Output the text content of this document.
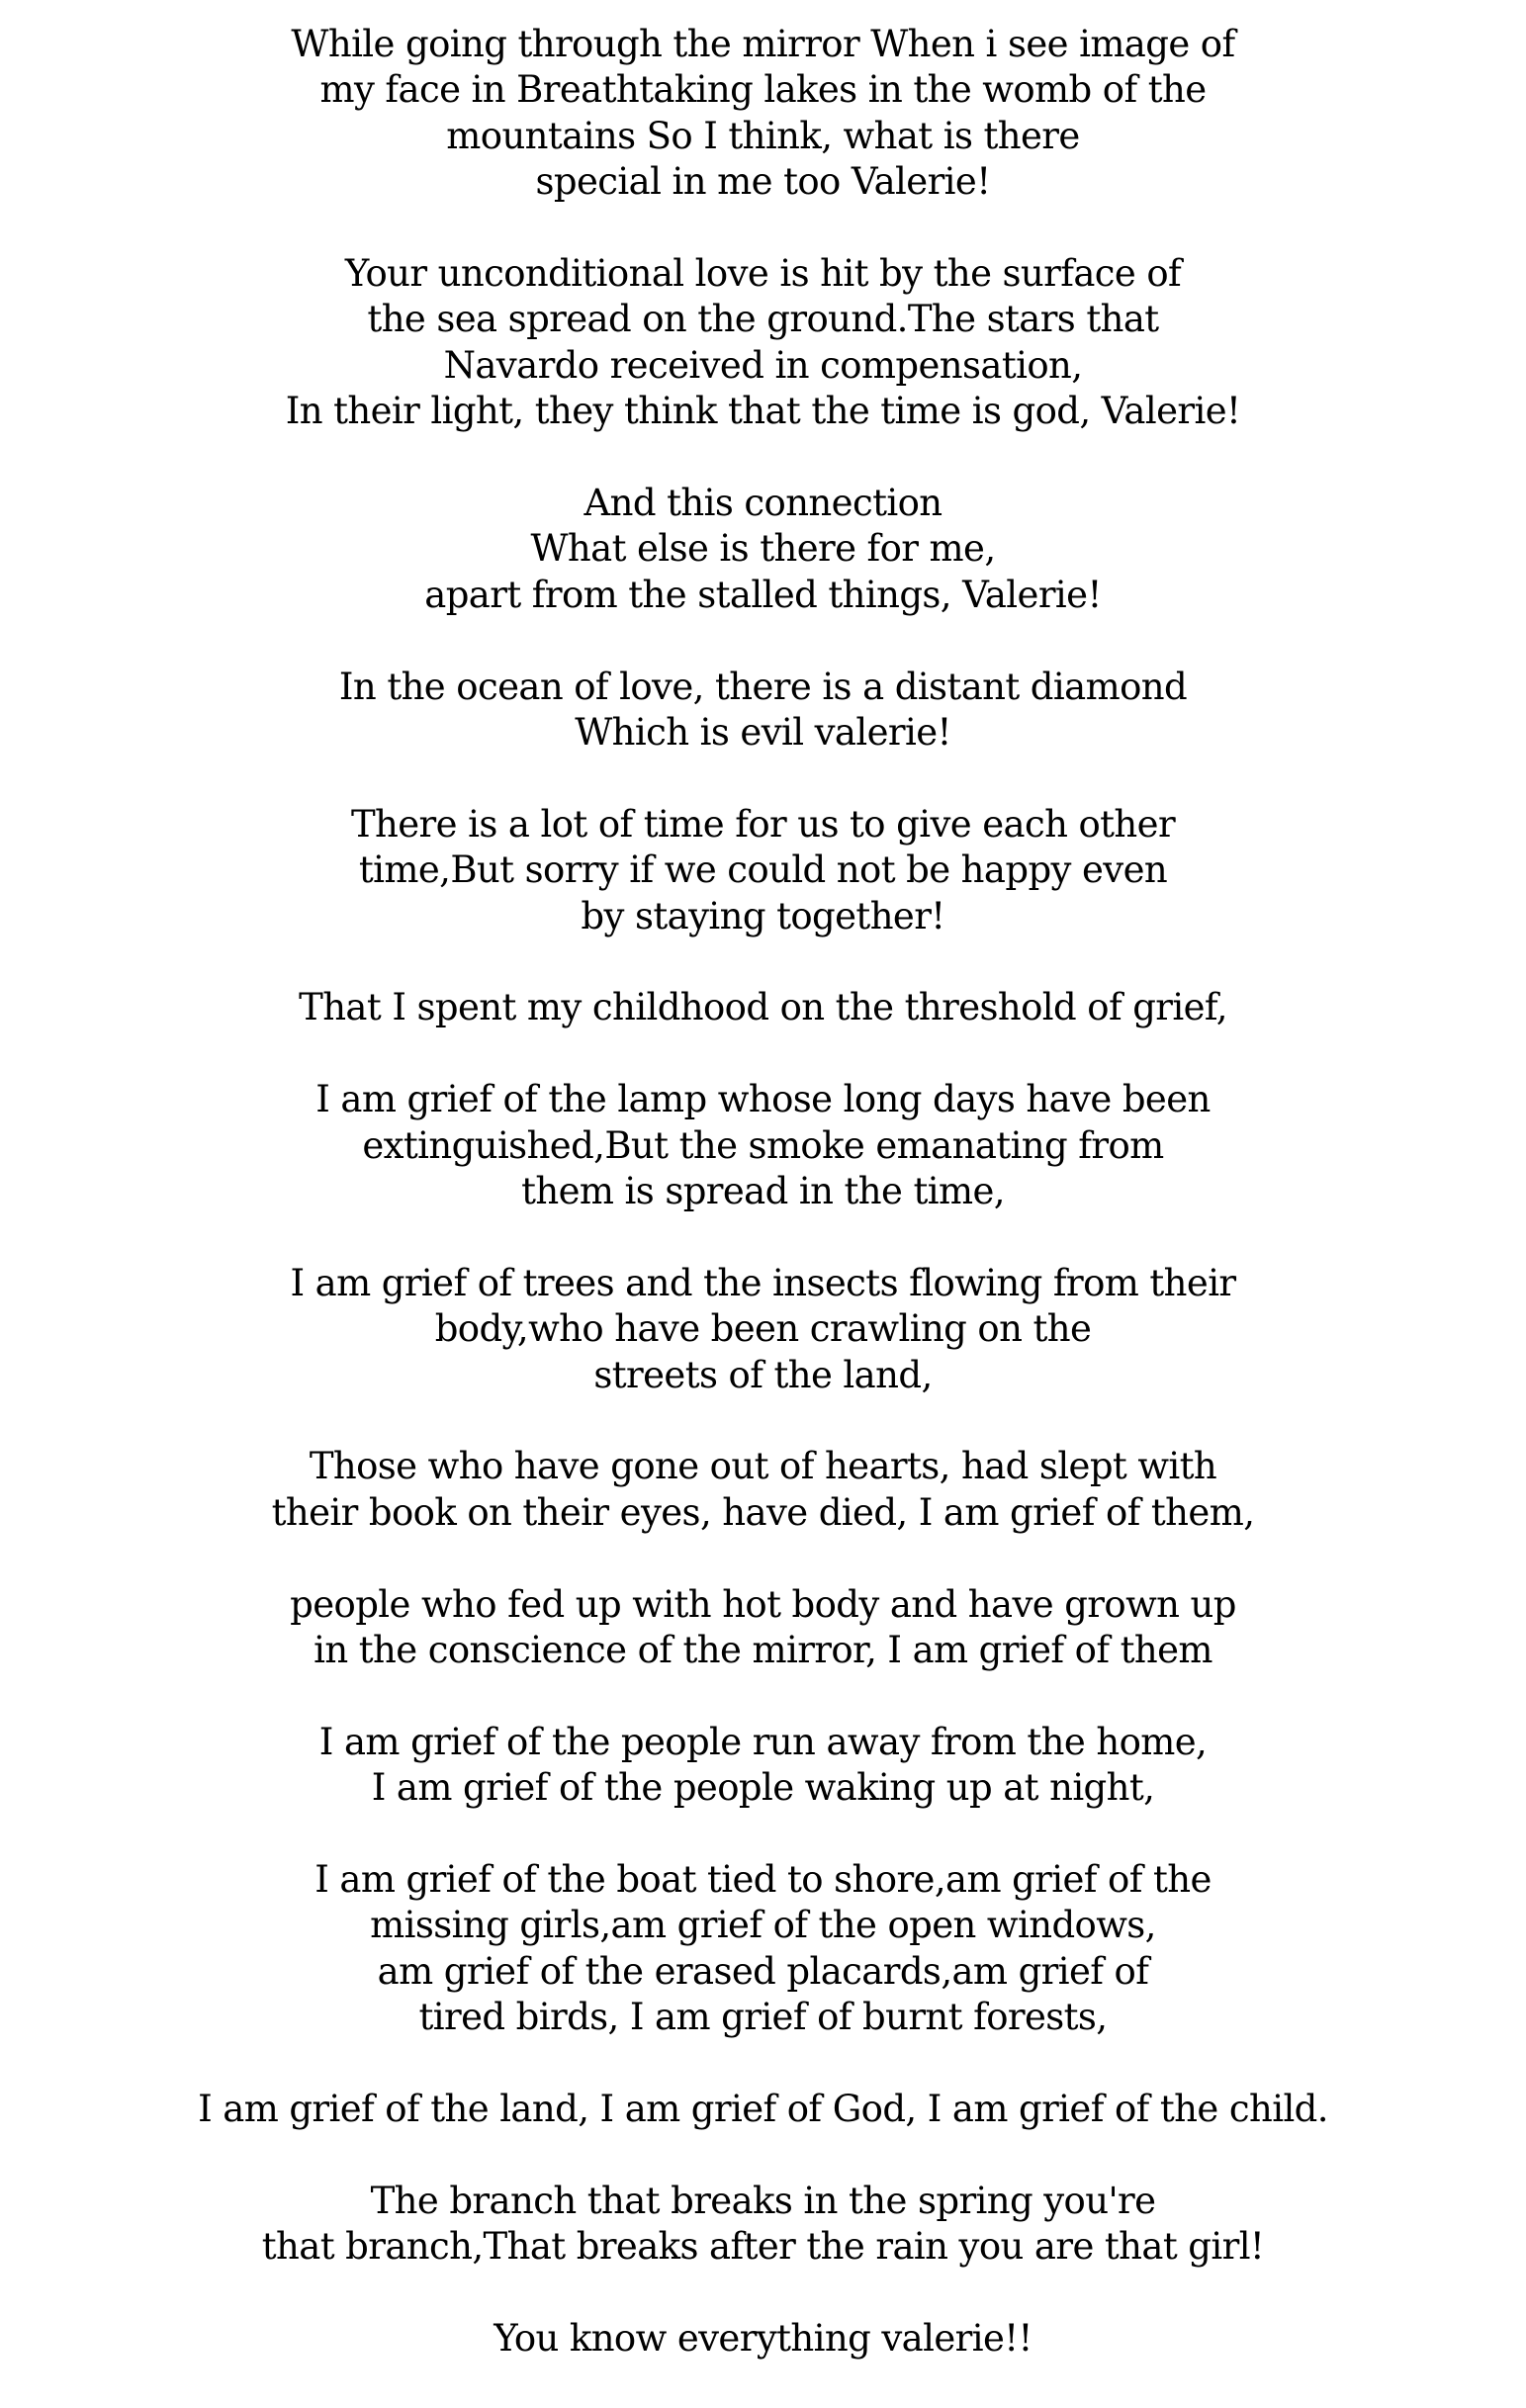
While going through the mirror When i see image of
my face in Breathtaking lakes in the womb of the
mountains So I think, what is there
special in me too Valerie!
Your unconditional love is hit by the surface of
the sea spread on the ground.The stars that
Navardo received in compensation,
In their light, they think that the time is god, Valerie!
And this connection
What else is there for me,
apart from the stalled things, Valerie!
In the ocean of love, there is a distant diamond
Which is evil valerie!
There is a lot of time for us to give each other
time,But sorry if we could not be happy even
by staying together!
That I spent my childhood on the threshold of grief,
I am grief of the lamp whose long days have been
extinguished,But the smoke emanating from
them is spread in the time,
I am grief of trees and the insects flowing from their
body,who have been crawling on the
streets of the land,
Those who have gone out of hearts, had slept with
their book on their eyes, have died, I am grief of them,
people who fed up with hot body and have grown up
in the conscience of the mirror, I am grief of them
I am grief of the people run away from the home,
I am grief of the people waking up at night,
I am grief of the boat tied to shore,am grief of the
missing girls,am grief of the open windows,
am grief of the erased placards,am grief of
tired birds, I am grief of burnt forests,
I am grief of the land, I am grief of God, I am grief of the child.
The branch that breaks in the spring you're
that branch,That breaks after the rain you are that girl!
You know everything valerie!!
